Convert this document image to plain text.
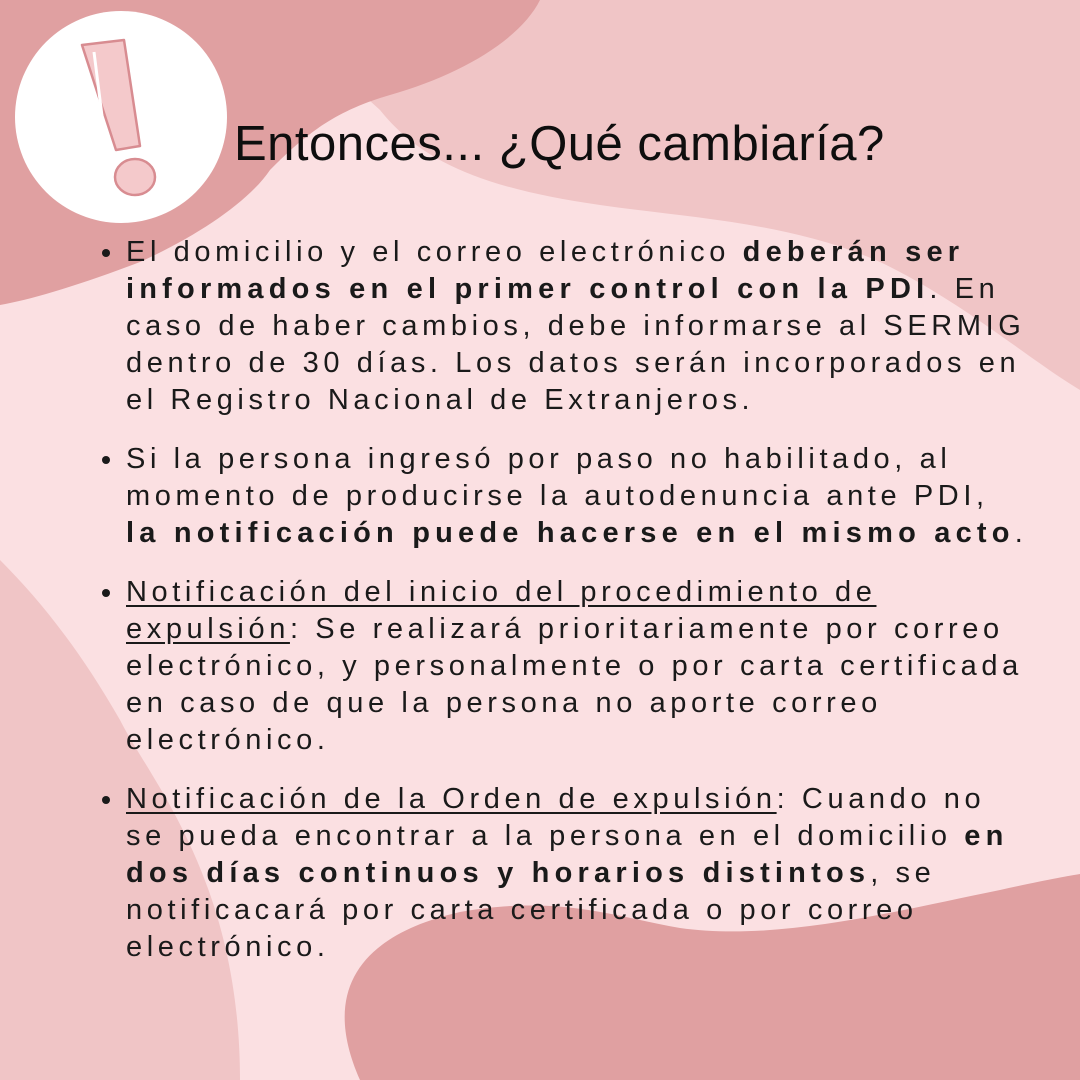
Entonces... ¿Qué cambiaría?
El domicilio y el correo electrónico deberán ser informados en el primer control con la PDI. En caso de haber cambios, debe informarse al SERMIG dentro de 30 días. Los datos serán incorporados en el Registro Nacional de Extranjeros.
Si la persona ingresó por paso no habilitado, al momento de producirse la autodenuncia ante PDI, la notificación puede hacerse en el mismo acto.
Notificación del inicio del procedimiento de expulsión: Se realizará prioritariamente por correo electrónico, y personalmente o por carta certificada en caso de que la persona no aporte correo electrónico.
Notificación de la Orden de expulsión: Cuando no se pueda encontrar a la persona en el domicilio en dos días continuos y horarios distintos, se notificacará por carta certificada o por correo electrónico.
